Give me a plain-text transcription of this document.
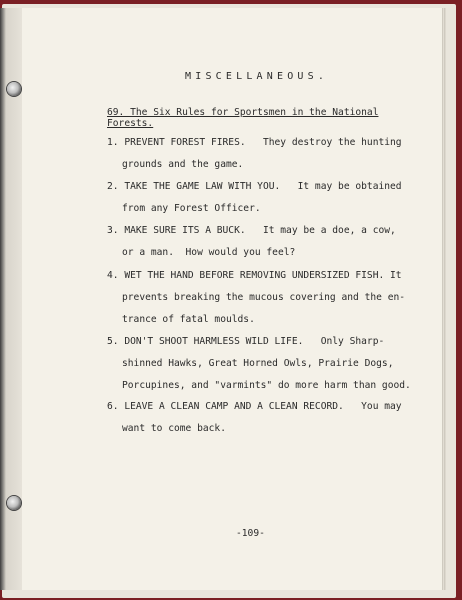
MISCELLANEOUS.
69. The Six Rules for Sportsmen in the National
Forests.
1. PREVENT FOREST FIRES.   They destroy the hunting
grounds and the game.
2. TAKE THE GAME LAW WITH YOU.   It may be obtained
from any Forest Officer.
3. MAKE SURE ITS A BUCK.   It may be a doe, a cow,
or a man.  How would you feel?
4. WET THE HAND BEFORE REMOVING UNDERSIZED FISH. It
prevents breaking the mucous covering and the en-
trance of fatal moulds.
5. DON'T SHOOT HARMLESS WILD LIFE.   Only Sharp-
shinned Hawks, Great Horned Owls, Prairie Dogs,
Porcupines, and "varmints" do more harm than good.
6. LEAVE A CLEAN CAMP AND A CLEAN RECORD.   You may
want to come back.
-109-
